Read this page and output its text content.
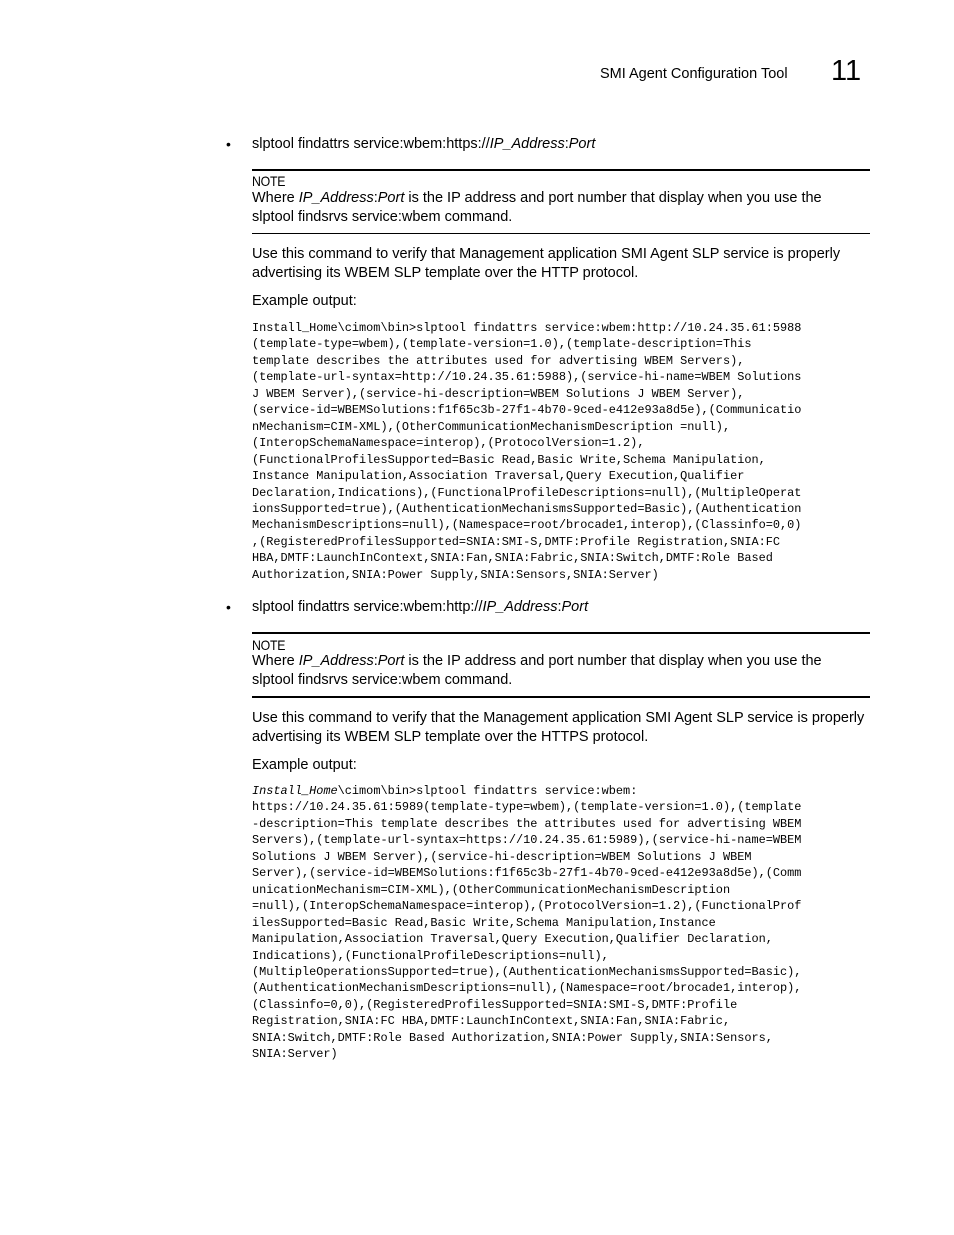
SMI Agent Configuration Tool 11
• slptool findattrs service:wbem:https://IP_Address:Port
NOTE
Where IP_Address:Port is the IP address and port number that display when you use the
slptool findsrvs service:wbem command.
Use this command to verify that Management application SMI Agent SLP service is properly
advertising its WBEM SLP template over the HTTP protocol.
Example output:
Install_Home\cimom\bin>slptool findattrs service:wbem:http://10.24.35.61:5988
(template-type=wbem),(template-version=1.0),(template-description=This
template describes the attributes used for advertising WBEM Servers),
(template-url-syntax=http://10.24.35.61:5988),(service-hi-name=WBEM Solutions
J WBEM Server),(service-hi-description=WBEM Solutions J WBEM Server),
(service-id=WBEMSolutions:f1f65c3b-27f1-4b70-9ced-e412e93a8d5e),(Communicatio
nMechanism=CIM-XML),(OtherCommunicationMechanismDescription =null),
(InteropSchemaNamespace=interop),(ProtocolVersion=1.2),
(FunctionalProfilesSupported=Basic Read,Basic Write,Schema Manipulation,
Instance Manipulation,Association Traversal,Query Execution,Qualifier
Declaration,Indications),(FunctionalProfileDescriptions=null),(MultipleOperat
ionsSupported=true),(AuthenticationMechanismsSupported=Basic),(Authentication
MechanismDescriptions=null),(Namespace=root/brocade1,interop),(Classinfo=0,0)
,(RegisteredProfilesSupported=SNIA:SMI-S,DMTF:Profile Registration,SNIA:FC
HBA,DMTF:LaunchInContext,SNIA:Fan,SNIA:Fabric,SNIA:Switch,DMTF:Role Based
Authorization,SNIA:Power Supply,SNIA:Sensors,SNIA:Server)
• slptool findattrs service:wbem:http://IP_Address:Port
NOTE
Where IP_Address:Port is the IP address and port number that display when you use the
slptool findsrvs service:wbem command.
Use this command to verify that the Management application SMI Agent SLP service is properly
advertising its WBEM SLP template over the HTTPS protocol.
Example output:
Install_Home\cimom\bin>slptool findattrs service:wbem:
https://10.24.35.61:5989(template-type=wbem),(template-version=1.0),(template
-description=This template describes the attributes used for advertising WBEM
Servers),(template-url-syntax=https://10.24.35.61:5989),(service-hi-name=WBEM
Solutions J WBEM Server),(service-hi-description=WBEM Solutions J WBEM
Server),(service-id=WBEMSolutions:f1f65c3b-27f1-4b70-9ced-e412e93a8d5e),(Comm
unicationMechanism=CIM-XML),(OtherCommunicationMechanismDescription
=null),(InteropSchemaNamespace=interop),(ProtocolVersion=1.2),(FunctionalProf
ilesSupported=Basic Read,Basic Write,Schema Manipulation,Instance
Manipulation,Association Traversal,Query Execution,Qualifier Declaration,
Indications),(FunctionalProfileDescriptions=null),
(MultipleOperationsSupported=true),(AuthenticationMechanismsSupported=Basic),
(AuthenticationMechanismDescriptions=null),(Namespace=root/brocade1,interop),
(Classinfo=0,0),(RegisteredProfilesSupported=SNIA:SMI-S,DMTF:Profile
Registration,SNIA:FC HBA,DMTF:LaunchInContext,SNIA:Fan,SNIA:Fabric,
SNIA:Switch,DMTF:Role Based Authorization,SNIA:Power Supply,SNIA:Sensors,
SNIA:Server)
